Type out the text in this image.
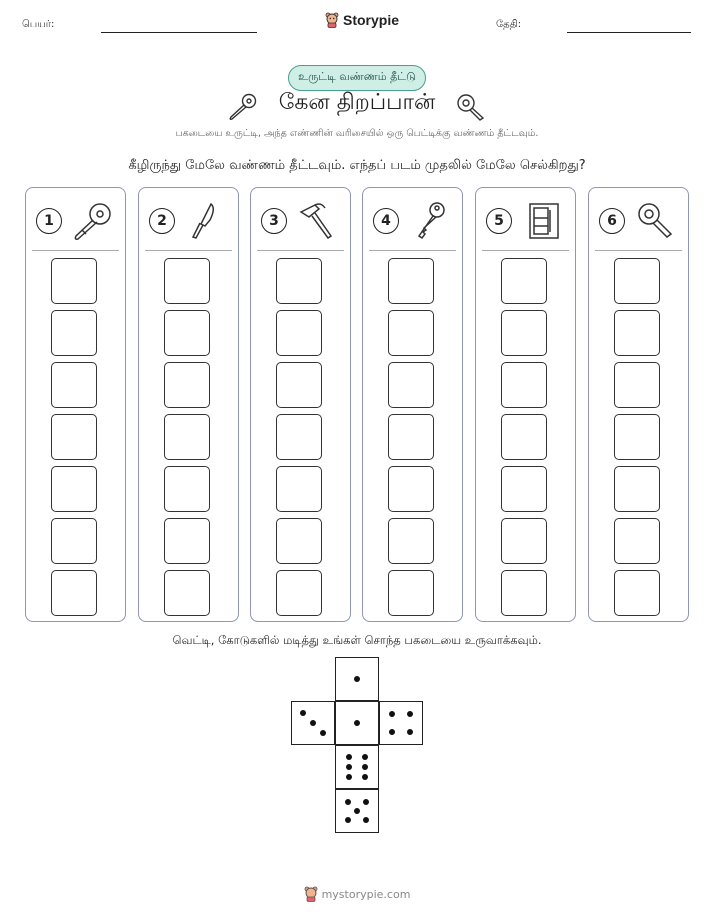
பெயர்:	Storypie	தேதி:
உருட்டி வண்ணம் தீட்டு
கேன திறப்பான்
பகடையை உருட்டி, அந்த எண்ணின் வரிசையில் ஒரு பெட்டிக்கு வண்ணம் தீட்டவும்.
கீழிருந்து மேலே வண்ணம் தீட்டவும். எந்தப் படம் முதலில் மேலே செல்கிறது?
1	2	3	4	5	6
வெட்டி, கோடுகளில் மடித்து உங்கள் சொந்த பகடையை உருவாக்கவும்.
mystorypie.com
